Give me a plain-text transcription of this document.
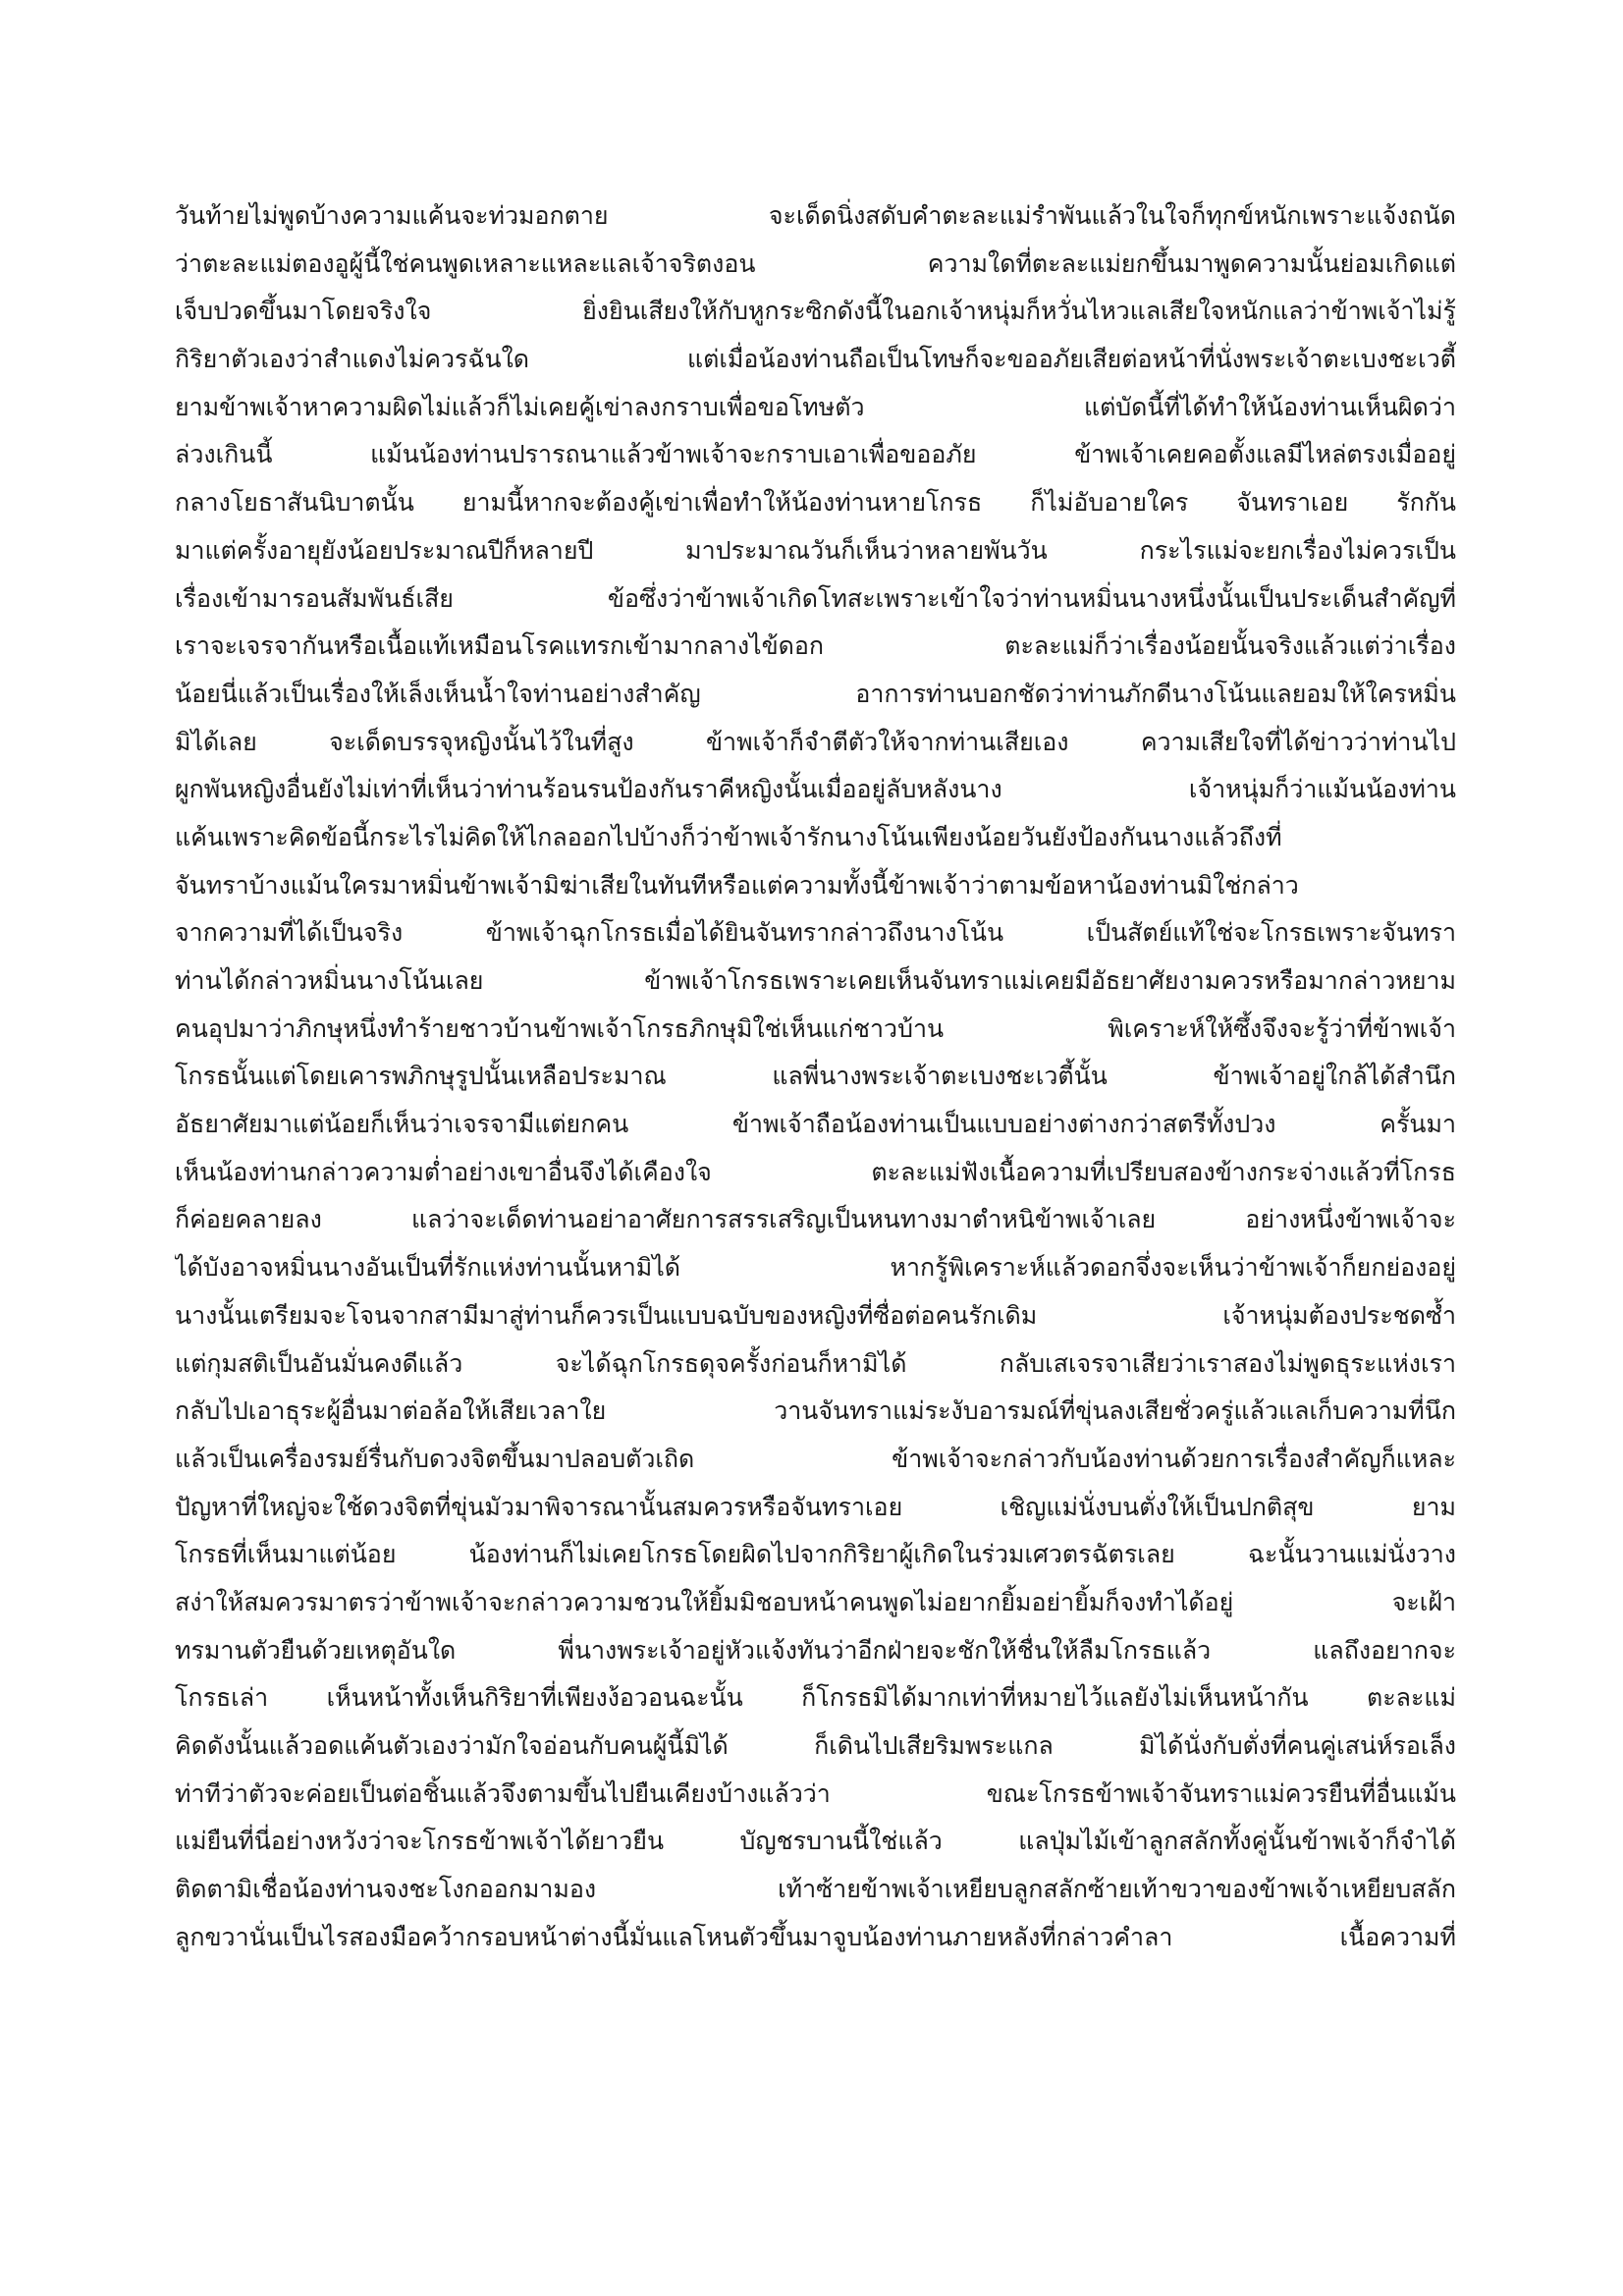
วันท้ายไม่พูดบ้างความแค้นจะท่วมอกตาย จะเด็ดนิ่งสดับคำตะละแม่รำพันแล้วในใจก็ทุกข์หนักเพราะแจ้งถนัด
ว่าตะละแม่ตองอูผู้นี้ใช่คนพูดเหลาะแหละแลเจ้าจริตงอน ความใดที่ตะละแม่ยกขึ้นมาพูดความนั้นย่อมเกิดแต่
เจ็บปวดขึ้นมาโดยจริงใจ ยิ่งยินเสียงให้กับหูกระซิกดังนี้ในอกเจ้าหนุ่มก็หวั่นไหวแลเสียใจหนักแลว่าข้าพเจ้าไม่รู้
กิริยาตัวเองว่าสำแดงไม่ควรฉันใด แต่เมื่อน้องท่านถือเป็นโทษก็จะขออภัยเสียต่อหน้าที่นั่งพระเจ้าตะเบงชะเวตี้
ยามข้าพเจ้าหาความผิดไม่แล้วก็ไม่เคยคู้เข่าลงกราบเพื่อขอโทษตัว แต่บัดนี้ที่ได้ทำให้น้องท่านเห็นผิดว่า
ล่วงเกินนี้ แม้นน้องท่านปรารถนาแล้วข้าพเจ้าจะกราบเอาเพื่อขออภัย ข้าพเจ้าเคยคอตั้งแลมีไหล่ตรงเมื่ออยู่
กลางโยธาสันนิบาตนั้น ยามนี้หากจะต้องคู้เข่าเพื่อทำให้น้องท่านหายโกรธ ก็ไม่อับอายใคร จันทราเอย รักกัน
มาแต่ครั้งอายุยังน้อยประมาณปีก็หลายปี มาประมาณวันก็เห็นว่าหลายพันวัน กระไรแม่จะยกเรื่องไม่ควรเป็น
เรื่องเข้ามารอนสัมพันธ์เสีย ข้อซึ่งว่าข้าพเจ้าเกิดโทสะเพราะเข้าใจว่าท่านหมิ่นนางหนึ่งนั้นเป็นประเด็นสำคัญที่
เราจะเจรจากันหรือเนื้อแท้เหมือนโรคแทรกเข้ามากลางไข้ดอก ตะละแม่ก็ว่าเรื่องน้อยนั้นจริงแล้วแต่ว่าเรื่อง
น้อยนี่แล้วเป็นเรื่องให้เล็งเห็นน้ำใจท่านอย่างสำคัญ อาการท่านบอกชัดว่าท่านภักดีนางโน้นแลยอมให้ใครหมิ่น
มิได้เลย จะเด็ดบรรจุหญิงนั้นไว้ในที่สูง ข้าพเจ้าก็จำตีตัวให้จากท่านเสียเอง ความเสียใจที่ได้ข่าวว่าท่านไป
ผูกพันหญิงอื่นยังไม่เท่าที่เห็นว่าท่านร้อนรนป้องกันราคีหญิงนั้นเมื่ออยู่ลับหลังนาง เจ้าหนุ่มก็ว่าแม้นน้องท่าน
แค้นเพราะคิดข้อนี้กระไรไม่คิดให้ไกลออกไปบ้างก็ว่าข้าพเจ้ารักนางโน้นเพียงน้อยวันยังป้องกันนางแล้วถึงที่
จันทราบ้างแม้นใครมาหมิ่นข้าพเจ้ามิฆ่าเสียในทันทีหรือแต่ความทั้งนี้ข้าพเจ้าว่าตามข้อหาน้องท่านมิใช่กล่าว
จากความที่ได้เป็นจริง ข้าพเจ้าฉุกโกรธเมื่อได้ยินจันทรากล่าวถึงนางโน้น เป็นสัตย์แท้ใช่จะโกรธเพราะจันทรา
ท่านได้กล่าวหมิ่นนางโน้นเลย ข้าพเจ้าโกรธเพราะเคยเห็นจันทราแม่เคยมีอัธยาศัยงามควรหรือมากล่าวหยาม
คนอุปมาว่าภิกษุหนึ่งทำร้ายชาวบ้านข้าพเจ้าโกรธภิกษุมิใช่เห็นแก่ชาวบ้าน พิเคราะห์ให้ซึ้งจึงจะรู้ว่าที่ข้าพเจ้า
โกรธนั้นแต่โดยเคารพภิกษุรูปนั้นเหลือประมาณ แลพี่นางพระเจ้าตะเบงชะเวตี้นั้น ข้าพเจ้าอยู่ใกล้ได้สำนึก
อัธยาศัยมาแต่น้อยก็เห็นว่าเจรจามีแต่ยกคน ข้าพเจ้าถือน้องท่านเป็นแบบอย่างต่างกว่าสตรีทั้งปวง ครั้นมา
เห็นน้องท่านกล่าวความต่ำอย่างเขาอื่นจึงได้เคืองใจ ตะละแม่ฟังเนื้อความที่เปรียบสองข้างกระจ่างแล้วที่โกรธ
ก็ค่อยคลายลง แลว่าจะเด็ดท่านอย่าอาศัยการสรรเสริญเป็นหนทางมาตำหนิข้าพเจ้าเลย อย่างหนึ่งข้าพเจ้าจะ
ได้บังอาจหมิ่นนางอันเป็นที่รักแห่งท่านนั้นหามิได้ หากรู้พิเคราะห์แล้วดอกจึ่งจะเห็นว่าข้าพเจ้าก็ยกย่องอยู่
นางนั้นเตรียมจะโจนจากสามีมาสู่ท่านก็ควรเป็นแบบฉบับของหญิงที่ซื่อต่อคนรักเดิม เจ้าหนุ่มต้องประชดซ้ำ
แต่กุมสติเป็นอันมั่นคงดีแล้ว จะได้ฉุกโกรธดุจครั้งก่อนก็หามิได้ กลับเสเจรจาเสียว่าเราสองไม่พูดธุระแห่งเรา
กลับไปเอาธุระผู้อื่นมาต่อล้อให้เสียเวลาใย วานจันทราแม่ระงับอารมณ์ที่ขุ่นลงเสียชั่วครู่แล้วแลเก็บความที่นึก
แล้วเป็นเครื่องรมย์รื่นกับดวงจิตขึ้นมาปลอบตัวเถิด ข้าพเจ้าจะกล่าวกับน้องท่านด้วยการเรื่องสำคัญก็แหละ
ปัญหาที่ใหญ่จะใช้ดวงจิตที่ขุ่นมัวมาพิจารณานั้นสมควรหรือจันทราเอย เชิญแม่นั่งบนตั่งให้เป็นปกติสุข ยาม
โกรธที่เห็นมาแต่น้อย น้องท่านก็ไม่เคยโกรธโดยผิดไปจากกิริยาผู้เกิดในร่วมเศวตรฉัตรเลย ฉะนั้นวานแม่นั่งวาง
สง่าให้สมควรมาตรว่าข้าพเจ้าจะกล่าวความชวนให้ยิ้มมิชอบหน้าคนพูดไม่อยากยิ้มอย่ายิ้มก็จงทำได้อยู่ จะเฝ้า
ทรมานตัวยืนด้วยเหตุอันใด พี่นางพระเจ้าอยู่หัวแจ้งทันว่าอีกฝ่ายจะชักให้ชื่นให้ลืมโกรธแล้ว แลถึงอยากจะ
โกรธเล่า เห็นหน้าทั้งเห็นกิริยาที่เพียงง้อวอนฉะนั้น ก็โกรธมิได้มากเท่าที่หมายไว้แลยังไม่เห็นหน้ากัน ตะละแม่
คิดดังนั้นแล้วอดแค้นตัวเองว่ามักใจอ่อนกับคนผู้นี้มิได้ ก็เดินไปเสียริมพระแกล มิได้นั่งกับตั่งที่คนคู่เสน่ห์รอเล็ง
ท่าทีว่าตัวจะค่อยเป็นต่อชิ้นแล้วจึงตามขึ้นไปยืนเคียงบ้างแล้วว่า ขณะโกรธข้าพเจ้าจันทราแม่ควรยืนที่อื่นแม้น
แม่ยืนที่นี่อย่างหวังว่าจะโกรธข้าพเจ้าได้ยาวยืน บัญชรบานนี้ใช่แล้ว แลปุ่มไม้เข้าลูกสลักทั้งคู่นั้นข้าพเจ้าก็จำได้
ติดตามิเชื่อน้องท่านจงชะโงกออกมามอง เท้าซ้ายข้าพเจ้าเหยียบลูกสลักซ้ายเท้าขวาของข้าพเจ้าเหยียบสลัก
ลูกขวานั่นเป็นไรสองมือคว้ากรอบหน้าต่างนี้มั่นแลโหนตัวขึ้นมาจูบน้องท่านภายหลังที่กล่าวคำลา เนื้อความที่
